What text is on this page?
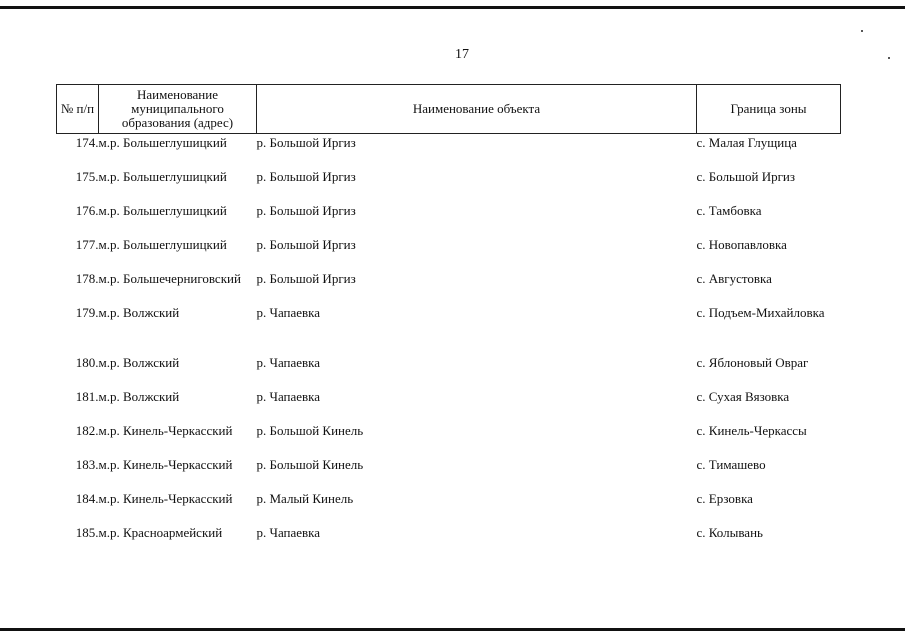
17
№ п/п	Наименование муниципального образования (адрес)	Наименование объекта	Граница зоны
174.	м.р. Большеглушицкий	р. Большой Иргиз	с. Малая Глущица
175.	м.р. Большеглушицкий	р. Большой Иргиз	с. Большой Иргиз
176.	м.р. Большеглушицкий	р. Большой Иргиз	с. Тамбовка
177.	м.р. Большеглушицкий	р. Большой Иргиз	с. Новопавловка
178.	м.р. Большечерниговский	р. Большой Иргиз	с. Августовка
179.	м.р. Волжский	р. Чапаевка	с. Подъем-Михайловка
180.	м.р. Волжский	р. Чапаевка	с. Яблоновый Овраг
181.	м.р. Волжский	р. Чапаевка	с. Сухая Вязовка
182.	м.р. Кинель-Черкасский	р. Большой Кинель	с. Кинель-Черкассы
183.	м.р. Кинель-Черкасский	р. Большой Кинель	с. Тимашево
184.	м.р. Кинель-Черкасский	р. Малый Кинель	с. Ерзовка
185.	м.р. Красноармейский	р. Чапаевка	с. Колывань
